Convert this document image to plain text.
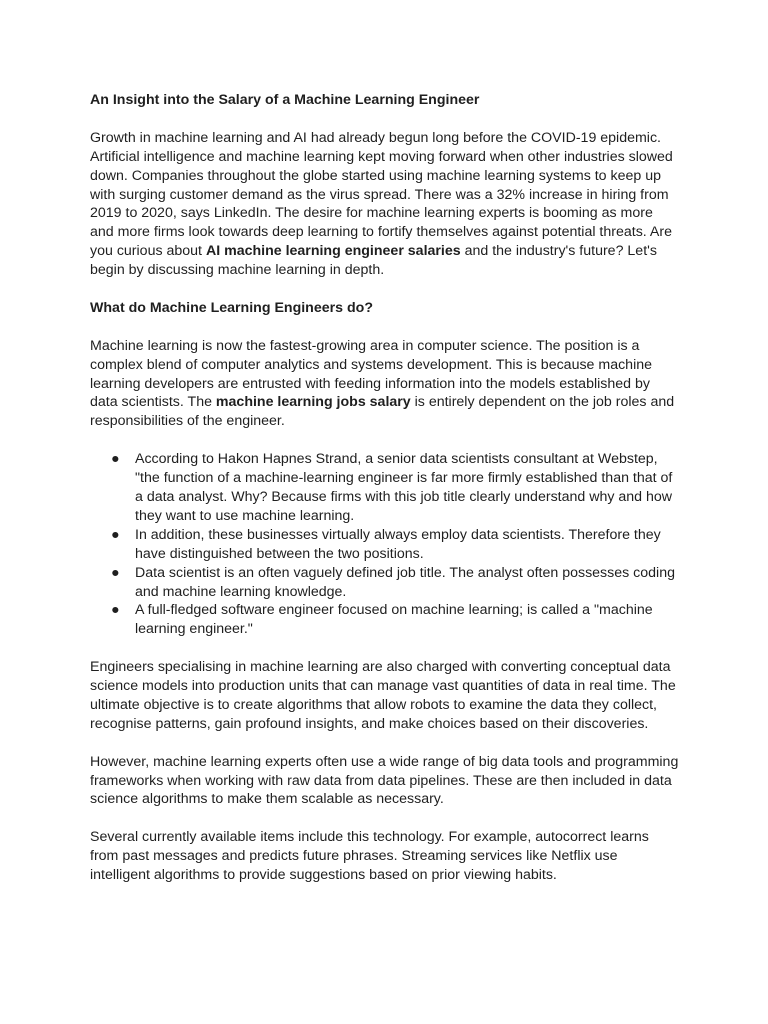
An Insight into the Salary of a Machine Learning Engineer

Growth in machine learning and AI had already begun long before the COVID-19 epidemic. Artificial intelligence and machine learning kept moving forward when other industries slowed down. Companies throughout the globe started using machine learning systems to keep up with surging customer demand as the virus spread. There was a 32% increase in hiring from 2019 to 2020, says LinkedIn. The desire for machine learning experts is booming as more and more firms look towards deep learning to fortify themselves against potential threats. Are you curious about AI machine learning engineer salaries and the industry's future? Let's begin by discussing machine learning in depth.

What do Machine Learning Engineers do?

Machine learning is now the fastest-growing area in computer science. The position is a complex blend of computer analytics and systems development. This is because machine learning developers are entrusted with feeding information into the models established by data scientists. The machine learning jobs salary is entirely dependent on the job roles and responsibilities of the engineer.

● According to Hakon Hapnes Strand, a senior data scientists consultant at Webstep, "the function of a machine-learning engineer is far more firmly established than that of a data analyst. Why? Because firms with this job title clearly understand why and how they want to use machine learning.
● In addition, these businesses virtually always employ data scientists. Therefore they have distinguished between the two positions.
● Data scientist is an often vaguely defined job title. The analyst often possesses coding and machine learning knowledge.
● A full-fledged software engineer focused on machine learning; is called a "machine learning engineer."

Engineers specialising in machine learning are also charged with converting conceptual data science models into production units that can manage vast quantities of data in real time. The ultimate objective is to create algorithms that allow robots to examine the data they collect, recognise patterns, gain profound insights, and make choices based on their discoveries.

However, machine learning experts often use a wide range of big data tools and programming frameworks when working with raw data from data pipelines. These are then included in data science algorithms to make them scalable as necessary.

Several currently available items include this technology. For example, autocorrect learns from past messages and predicts future phrases. Streaming services like Netflix use intelligent algorithms to provide suggestions based on prior viewing habits.
